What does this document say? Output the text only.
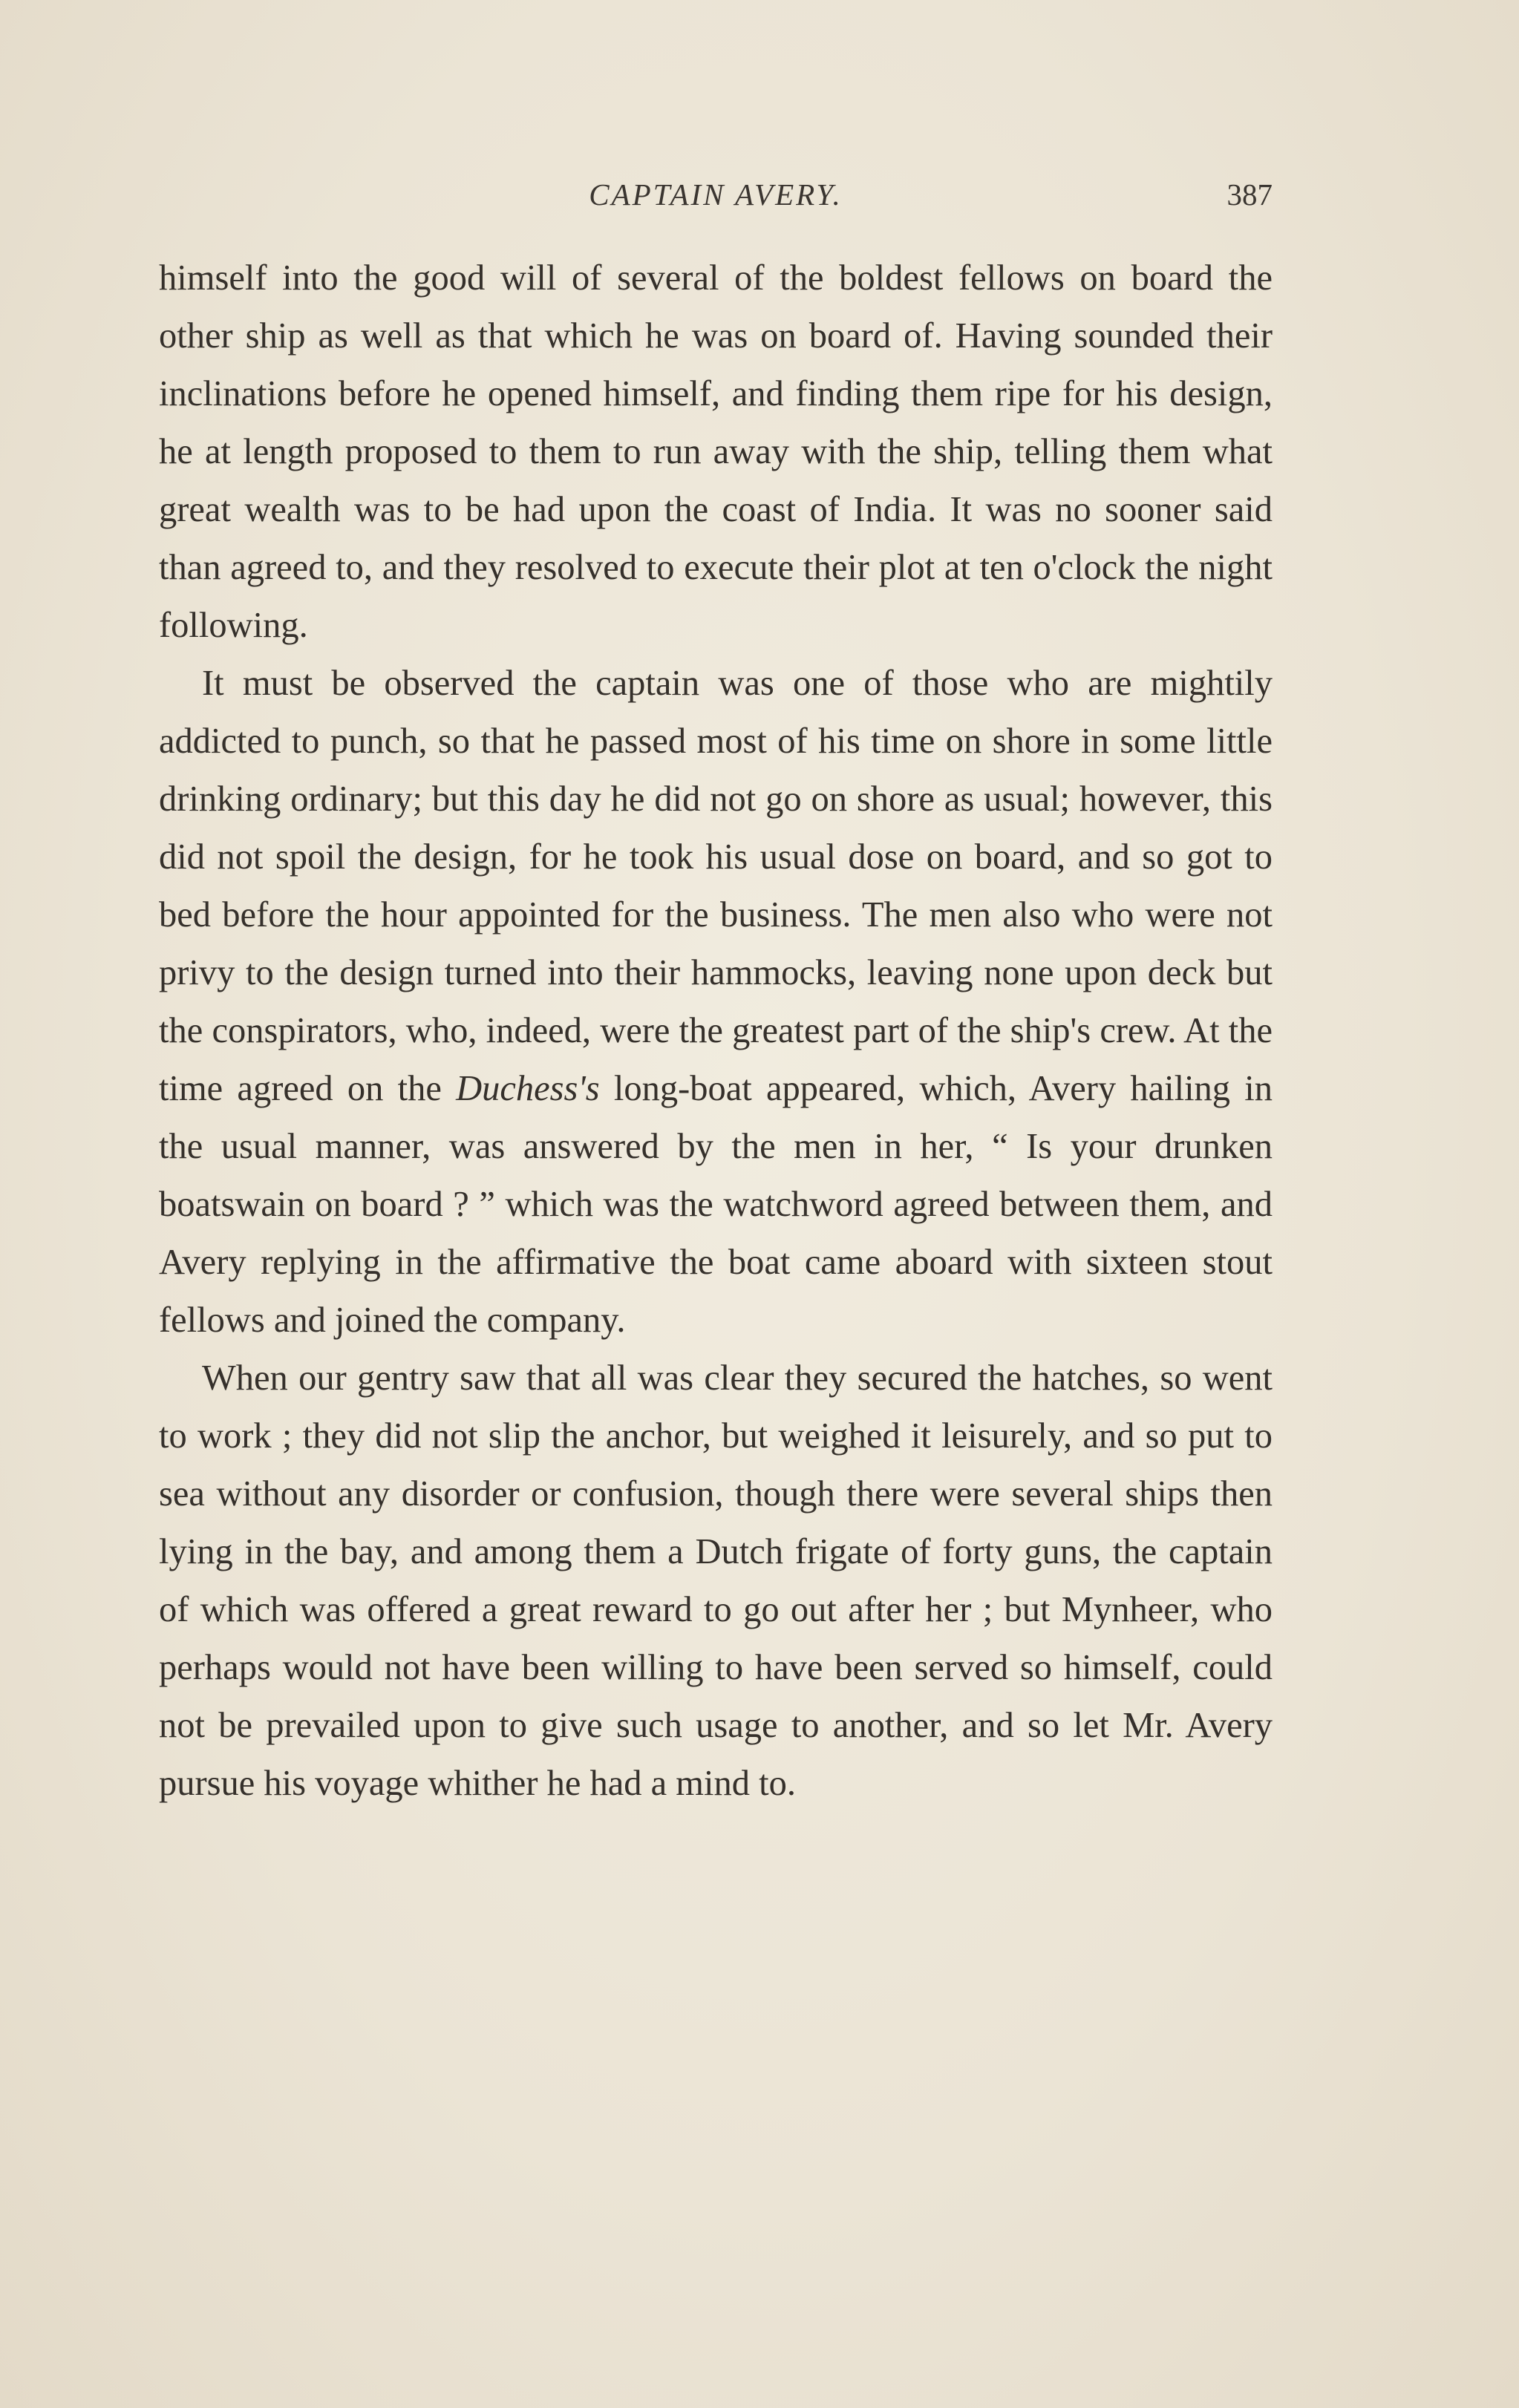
CAPTAIN AVERY.	387

himself into the good will of several of the boldest fellows on board the other ship as well as that which he was on board of. Having sounded their inclinations before he opened himself, and finding them ripe for his design, he at length proposed to them to run away with the ship, telling them what great wealth was to be had upon the coast of India. It was no sooner said than agreed to, and they resolved to execute their plot at ten o'clock the night following.

It must be observed the captain was one of those who are mightily addicted to punch, so that he passed most of his time on shore in some little drinking ordinary; but this day he did not go on shore as usual; however, this did not spoil the design, for he took his usual dose on board, and so got to bed before the hour appointed for the business. The men also who were not privy to the design turned into their hammocks, leaving none upon deck but the conspirators, who, indeed, were the greatest part of the ship's crew. At the time agreed on the Duchess's long-boat appeared, which, Avery hailing in the usual manner, was answered by the men in her, “ Is your drunken boatswain on board ? ” which was the watchword agreed between them, and Avery replying in the affirmative the boat came aboard with sixteen stout fellows and joined the company.

When our gentry saw that all was clear they secured the hatches, so went to work ; they did not slip the anchor, but weighed it leisurely, and so put to sea without any disorder or confusion, though there were several ships then lying in the bay, and among them a Dutch frigate of forty guns, the captain of which was offered a great reward to go out after her ; but Mynheer, who perhaps would not have been willing to have been served so himself, could not be prevailed upon to give such usage to another, and so let Mr. Avery pursue his voyage whither he had a mind to.
